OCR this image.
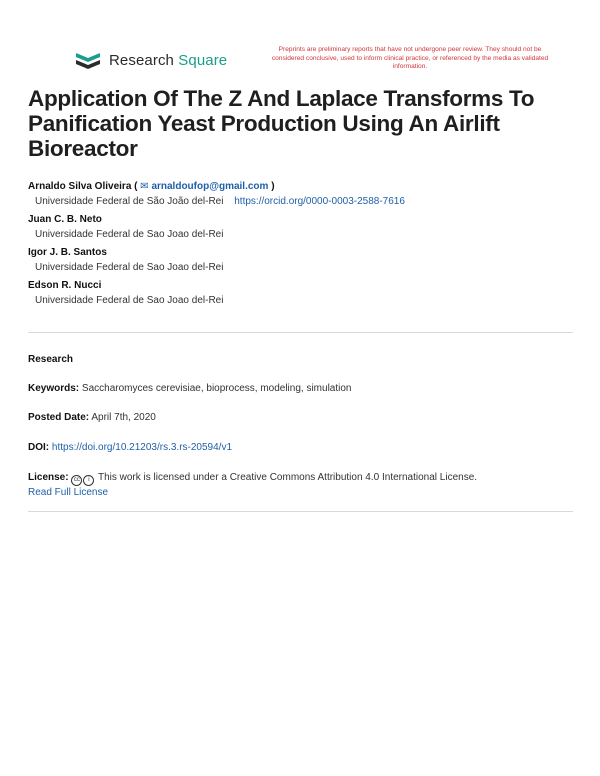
Research Square
Preprints are preliminary reports that have not undergone peer review. They should not be considered conclusive, used to inform clinical practice, or referenced by the media as validated information.
Application Of The Z And Laplace Transforms To Panification Yeast Production Using An Airlift Bioreactor
Arnaldo Silva Oliveira ( ✉ arnaldoufop@gmail.com )
Universidade Federal de São João del-Rei https://orcid.org/0000-0003-2588-7616
Juan C. B. Neto
Universidade Federal de Sao Joao del-Rei
Igor J. B. Santos
Universidade Federal de Sao Joao del-Rei
Edson R. Nucci
Universidade Federal de Sao Joao del-Rei
Research
Keywords: Saccharomyces cerevisiae, bioprocess, modeling, simulation
Posted Date: April 7th, 2020
DOI: https://doi.org/10.21203/rs.3.rs-20594/v1
License: cc i This work is licensed under a Creative Commons Attribution 4.0 International License.
Read Full License
